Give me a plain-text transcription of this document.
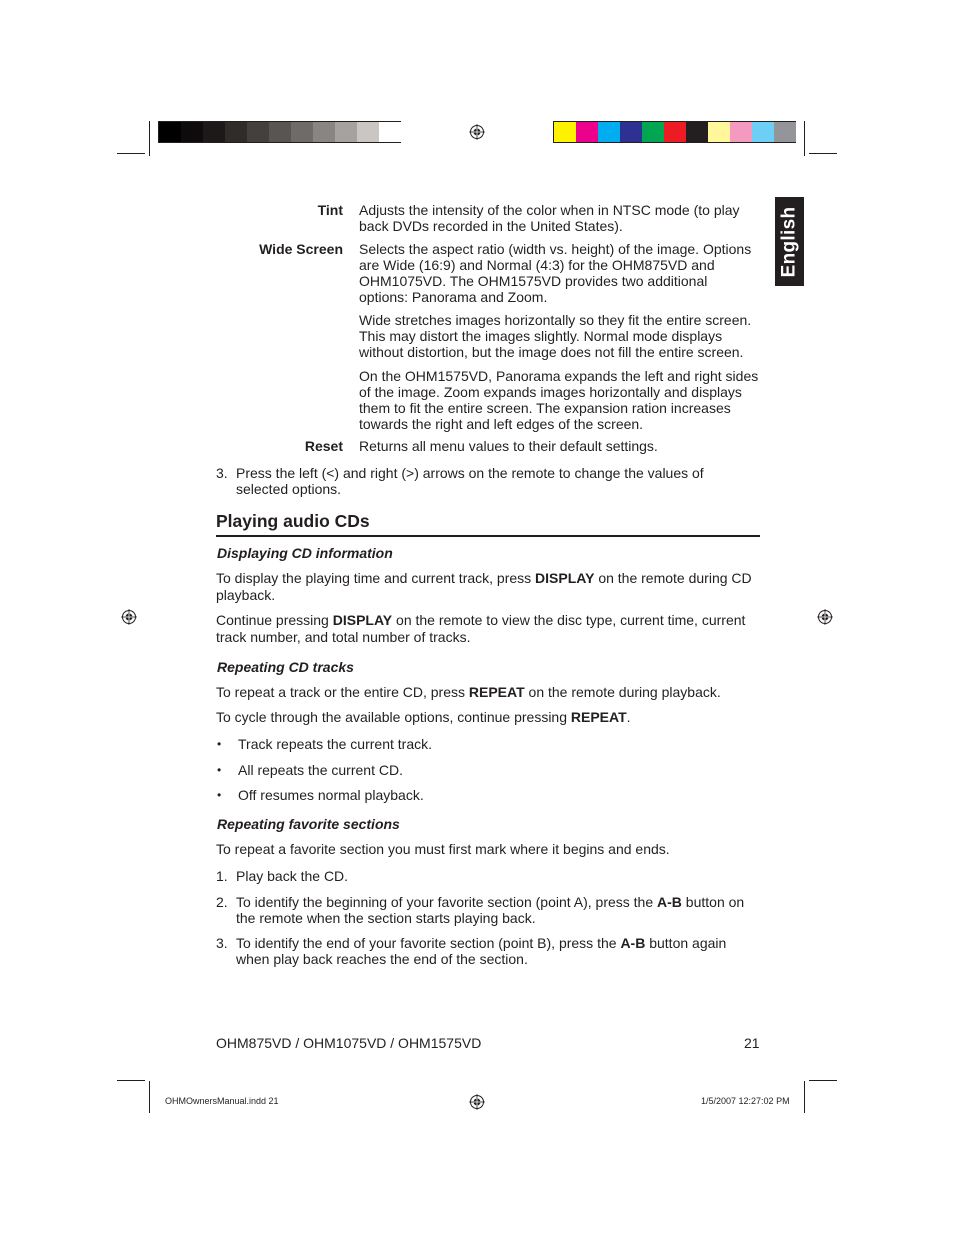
English
Tint Adjusts the intensity of the color when in NTSC mode (to play back DVDs recorded in the United States).
Wide Screen Selects the aspect ratio (width vs. height) of the image. Options are Wide (16:9) and Normal (4:3) for the OHM875VD and OHM1075VD. The OHM1575VD provides two additional options: Panorama and Zoom.
Wide stretches images horizontally so they fit the entire screen. This may distort the images slightly. Normal mode displays without distortion, but the image does not fill the entire screen.
On the OHM1575VD, Panorama expands the left and right sides of the image. Zoom expands images horizontally and displays them to fit the entire screen. The expansion ration increases towards the right and left edges of the screen.
Reset Returns all menu values to their default settings.
3. Press the left (<) and right (>) arrows on the remote to change the values of selected options.
Playing audio CDs
Displaying CD information
To display the playing time and current track, press DISPLAY on the remote during CD playback.
Continue pressing DISPLAY on the remote to view the disc type, current time, current track number, and total number of tracks.
Repeating CD tracks
To repeat a track or the entire CD, press REPEAT on the remote during playback.
To cycle through the available options, continue pressing REPEAT.
• Track repeats the current track.
• All repeats the current CD.
• Off resumes normal playback.
Repeating favorite sections
To repeat a favorite section you must first mark where it begins and ends.
1. Play back the CD.
2. To identify the beginning of your favorite section (point A), press the A-B button on the remote when the section starts playing back.
3. To identify the end of your favorite section (point B), press the A-B button again when play back reaches the end of the section.
OHM875VD / OHM1075VD / OHM1575VD	21
OHMOwnersManual.indd 21	1/5/2007 12:27:02 PM
